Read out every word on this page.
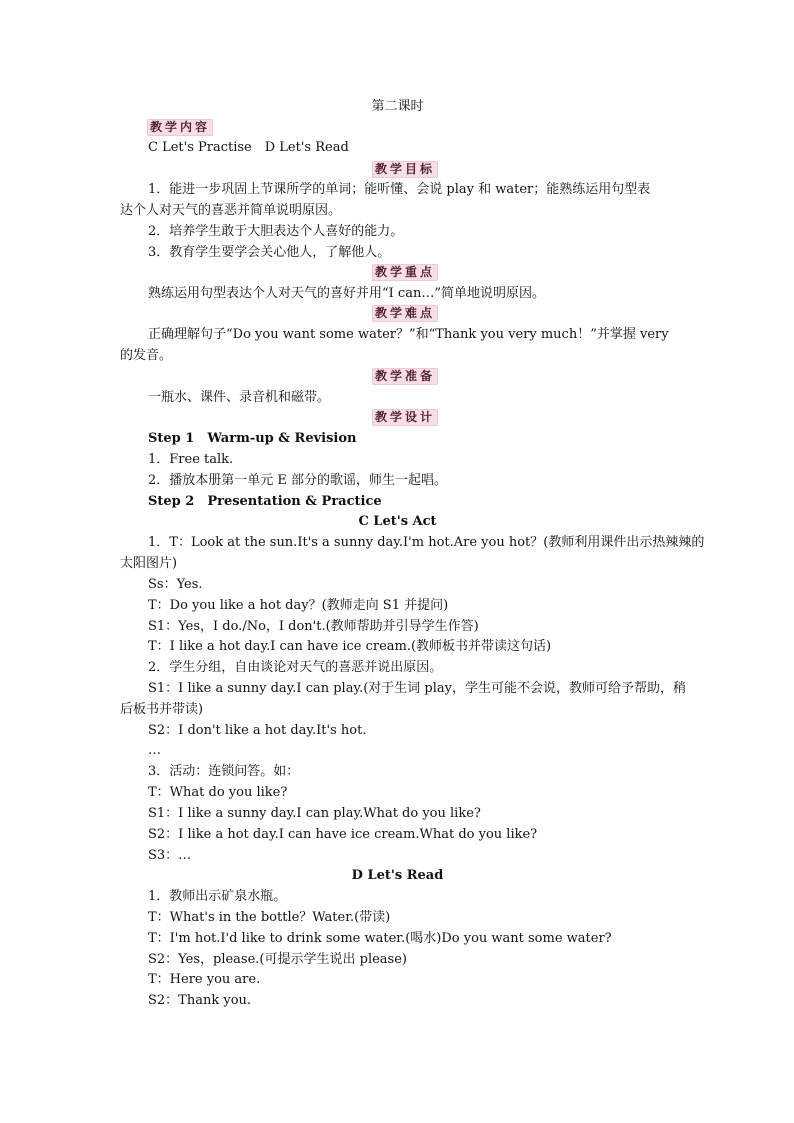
第二课时
教学内容
C Let's Practise　D Let's Read
教学目标
1．能进一步巩固上节课所学的单词；能听懂、会说 play 和 water；能熟练运用句型表
达个人对天气的喜恶并简单说明原因。
2．培养学生敢于大胆表达个人喜好的能力。
3．教育学生要学会关心他人，了解他人。
教学重点
熟练运用句型表达个人对天气的喜好并用“I can…”简单地说明原因。
教学难点
正确理解句子“Do you want some water？”和“Thank you very much！”并掌握 very
的发音。
教学准备
一瓶水、课件、录音机和磁带。
教学设计
Step 1　Warm-up & Revision
1．Free talk.
2．播放本册第一单元 E 部分的歌谣，师生一起唱。
Step 2　Presentation & Practice
C Let's Act
1．T：Look at the sun.It's a sunny day.I'm hot.Are you hot？(教师利用课件出示热辣辣的
太阳图片)
Ss：Yes.
T：Do you like a hot day？(教师走向 S1 并提问)
S1：Yes，I do./No，I don't.(教师帮助并引导学生作答)
T：I like a hot day.I can have ice cream.(教师板书并带读这句话)
2．学生分组，自由谈论对天气的喜恶并说出原因。
S1：I like a sunny day.I can play.(对于生词 play，学生可能不会说，教师可给予帮助，稍
后板书并带读)
S2：I don't like a hot day.It's hot.
…
3．活动：连锁问答。如：
T：What do you like?
S1：I like a sunny day.I can play.What do you like?
S2：I like a hot day.I can have ice cream.What do you like?
S3：…
D Let's Read
1．教师出示矿泉水瓶。
T：What's in the bottle？Water.(带读)
T：I'm hot.I'd like to drink some water.(喝水)Do you want some water?
S2：Yes，please.(可提示学生说出 please)
T：Here you are.
S2：Thank you.
